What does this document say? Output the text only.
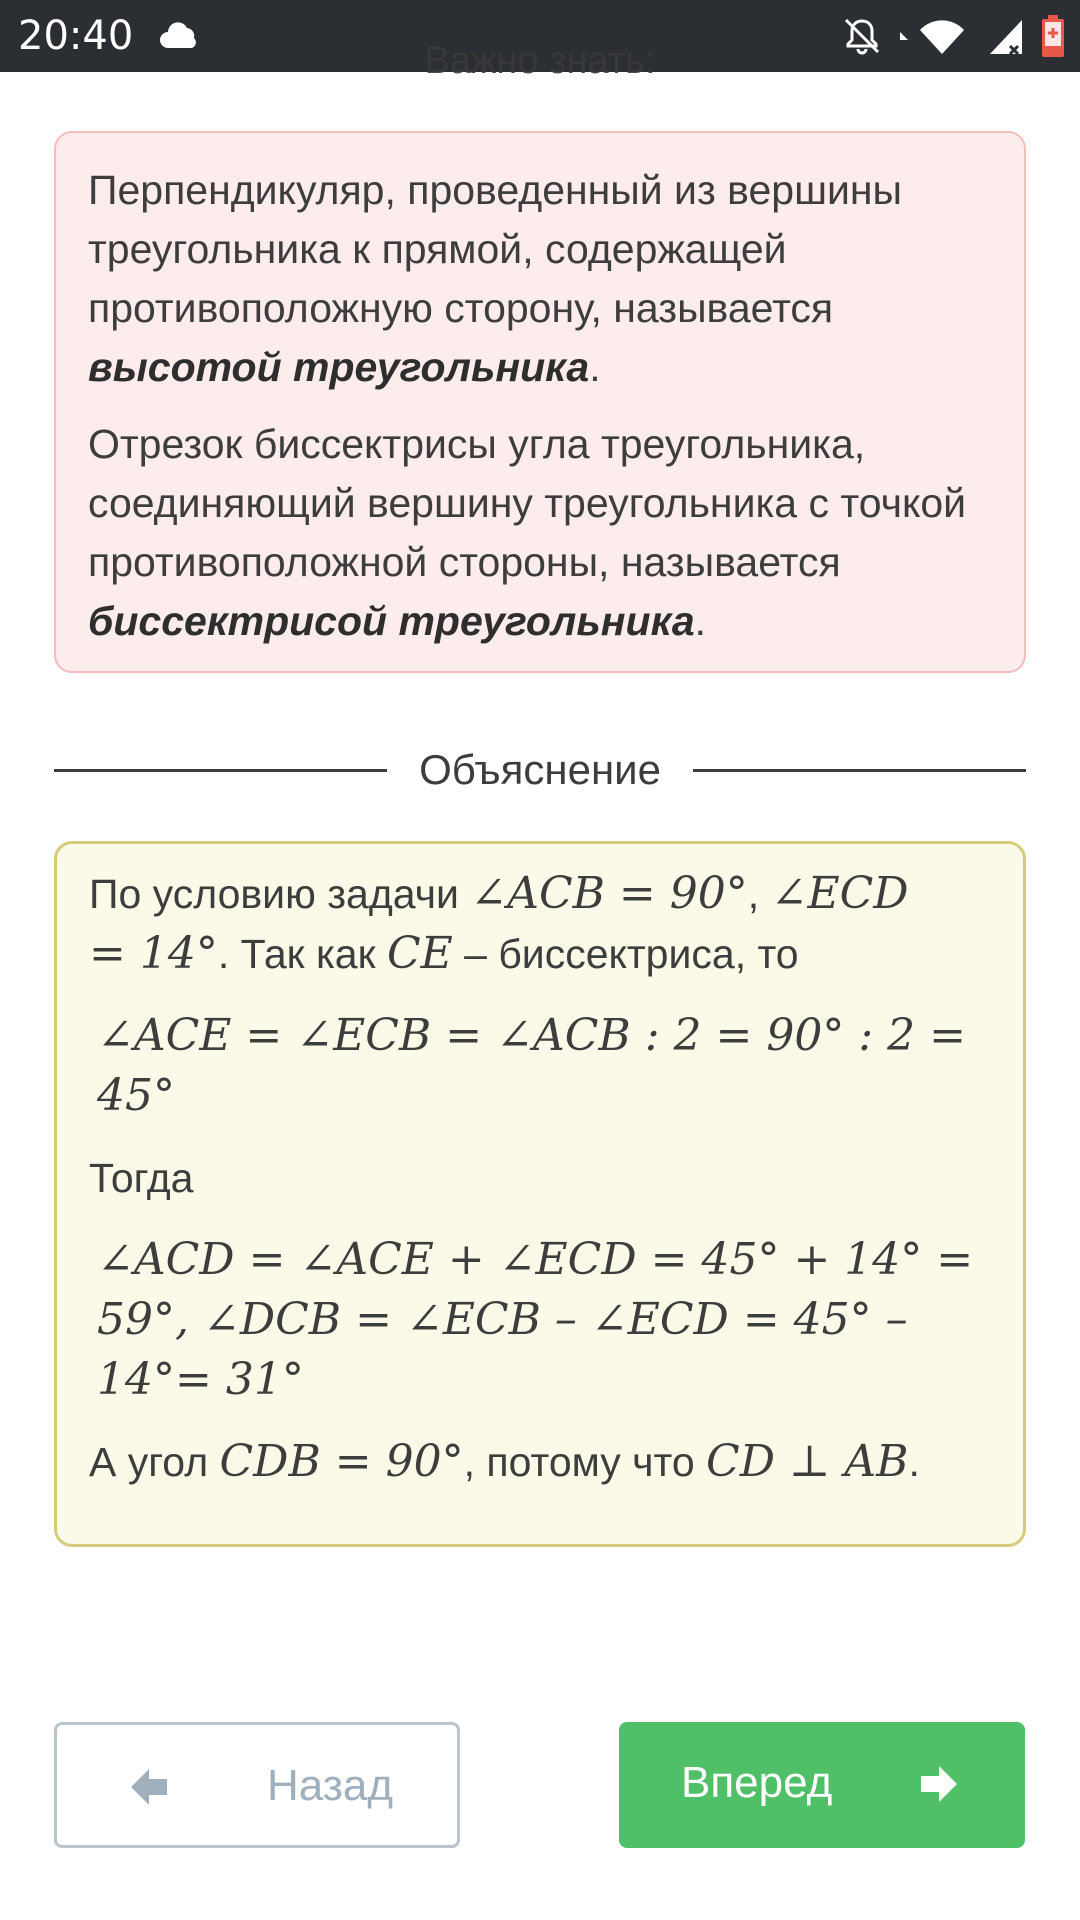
20:40
Важно знать:

Перпендикуляр, проведенный из вершины треугольника к прямой, содержащей противоположную сторону, называется высотой треугольника.

Отрезок биссектрисы угла треугольника, соединяющий вершину треугольника с точкой противоположной стороны, называется биссектрисой треугольника.

Объяснение
По условию задачи ∠ACB = 90°, ∠ECD
= 14°. Так как CE – биссектриса, то
∠ACE = ∠ECB = ∠ACB : 2 = 90° : 2 =
45°
Тогда
∠ACD = ∠ACE + ∠ECD = 45° + 14° =
59°, ∠DCB = ∠ECB – ∠ECD = 45° –
14°= 31°
А угол CDB = 90°, потому что CD ⊥ AB.
Назад	Вперед
